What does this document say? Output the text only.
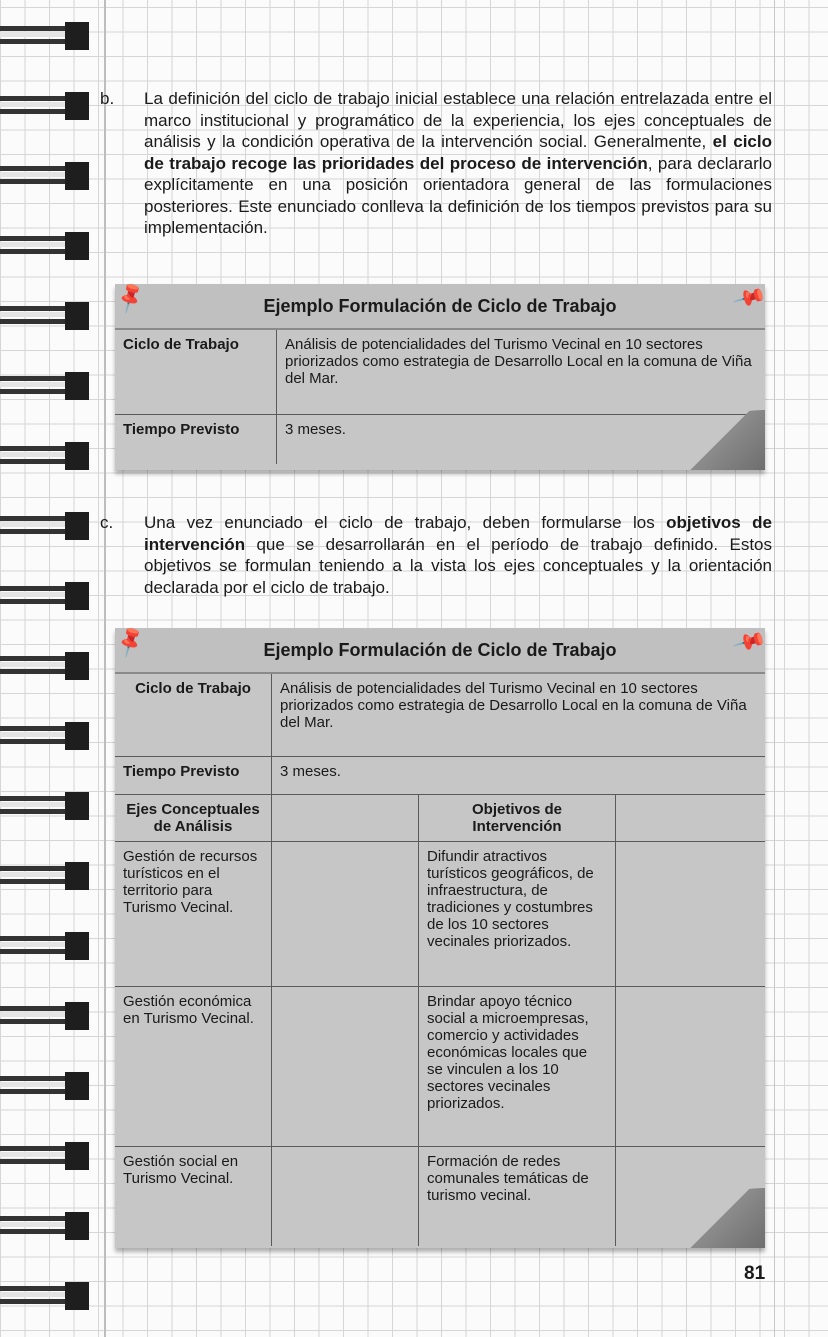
b. La definición del ciclo de trabajo inicial establece una relación entrelazada entre el marco institucional y programático de la experiencia, los ejes conceptuales de análisis y la condición operativa de la intervención social. Generalmente, el ciclo de trabajo recoge las prioridades del proceso de intervención, para declararlo explícitamente en una posición orientadora general de las formulaciones posteriores. Este enunciado conlleva la definición de los tiempos previstos para su implementación.
📌	Ejemplo Formulación de Ciclo de Trabajo	📌
Ciclo de Trabajo	Análisis de potencialidades del Turismo Vecinal en 10 sectores priorizados como estrategia de Desarrollo Local en la comuna de Viña del Mar.
Tiempo Previsto	3 meses.
c. Una vez enunciado el ciclo de trabajo, deben formularse los objetivos de intervención que se desarrollarán en el período de trabajo definido. Estos objetivos se formulan teniendo a la vista los ejes conceptuales y la orientación declarada por el ciclo de trabajo.
📌	Ejemplo Formulación de Ciclo de Trabajo	📌
Ciclo de Trabajo	Análisis de potencialidades del Turismo Vecinal en 10 sectores priorizados como estrategia de Desarrollo Local en la comuna de Viña del Mar.		
Tiempo Previsto	3 meses.		
Ejes Conceptuales de Análisis		Objetivos de Intervención	
Gestión de recursos turísticos en el territorio para Turismo Vecinal.		Difundir atractivos turísticos geográficos, de infraestructura, de tradiciones y costumbres de los 10 sectores vecinales priorizados.	
Gestión económica en Turismo Vecinal.		Brindar apoyo técnico social a microempresas, comercio y actividades económicas locales que se vinculen a los 10 sectores vecinales priorizados.	
Gestión social en Turismo Vecinal.		Formación de redes comunales temáticas de turismo vecinal.	
81
